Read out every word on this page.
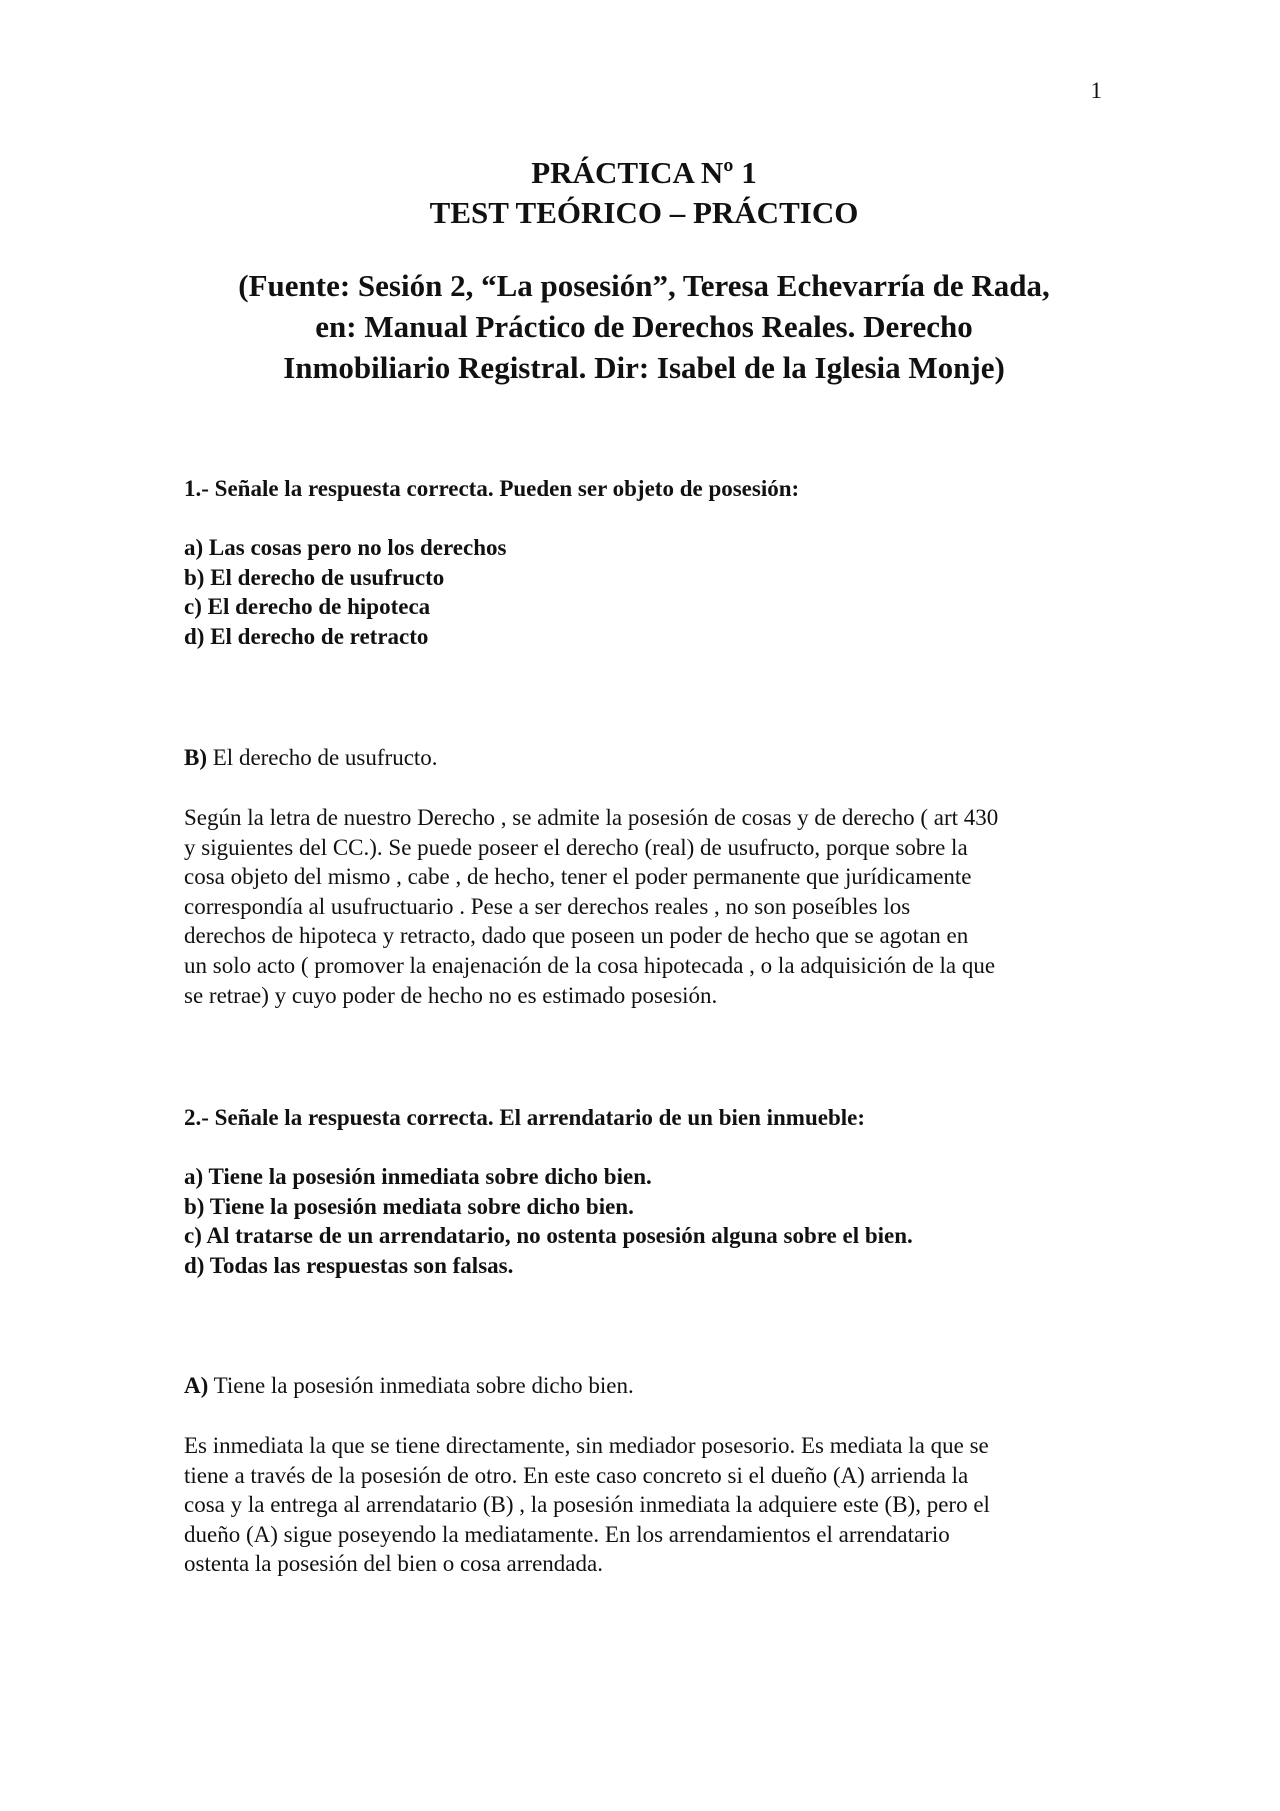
1
PRÁCTICA Nº 1
TEST TEÓRICO – PRÁCTICO
(Fuente: Sesión 2, “La posesión”, Teresa Echevarría de Rada,
en: Manual Práctico de Derechos Reales. Derecho
Inmobiliario Registral. Dir: Isabel de la Iglesia Monje)
1.- Señale la respuesta correcta. Pueden ser objeto de posesión:
a) Las cosas pero no los derechos
b) El derecho de usufructo
c) El derecho de hipoteca
d) El derecho de retracto
B) El derecho de usufructo.
Según la letra de nuestro Derecho , se admite la posesión de cosas y de derecho ( art 430
y siguientes del CC.). Se puede poseer el derecho (real) de usufructo, porque sobre la
cosa objeto del mismo , cabe , de hecho, tener el poder permanente que jurídicamente
correspondía al usufructuario . Pese a ser derechos reales , no son poseíbles los
derechos de hipoteca y retracto, dado que poseen un poder de hecho que se agotan en
un solo acto ( promover la enajenación de la cosa hipotecada , o la adquisición de la que
se retrae) y cuyo poder de hecho no es estimado posesión.
2.- Señale la respuesta correcta. El arrendatario de un bien inmueble:
a) Tiene la posesión inmediata sobre dicho bien.
b) Tiene la posesión mediata sobre dicho bien.
c) Al tratarse de un arrendatario, no ostenta posesión alguna sobre el bien.
d) Todas las respuestas son falsas.
A) Tiene la posesión inmediata sobre dicho bien.
Es inmediata la que se tiene directamente, sin mediador posesorio. Es mediata la que se
tiene a través de la posesión de otro. En este caso concreto si el dueño (A) arrienda la
cosa y la entrega al arrendatario (B) , la posesión inmediata la adquiere este (B), pero el
dueño (A) sigue poseyendo la mediatamente. En los arrendamientos el arrendatario
ostenta la posesión del bien o cosa arrendada.
